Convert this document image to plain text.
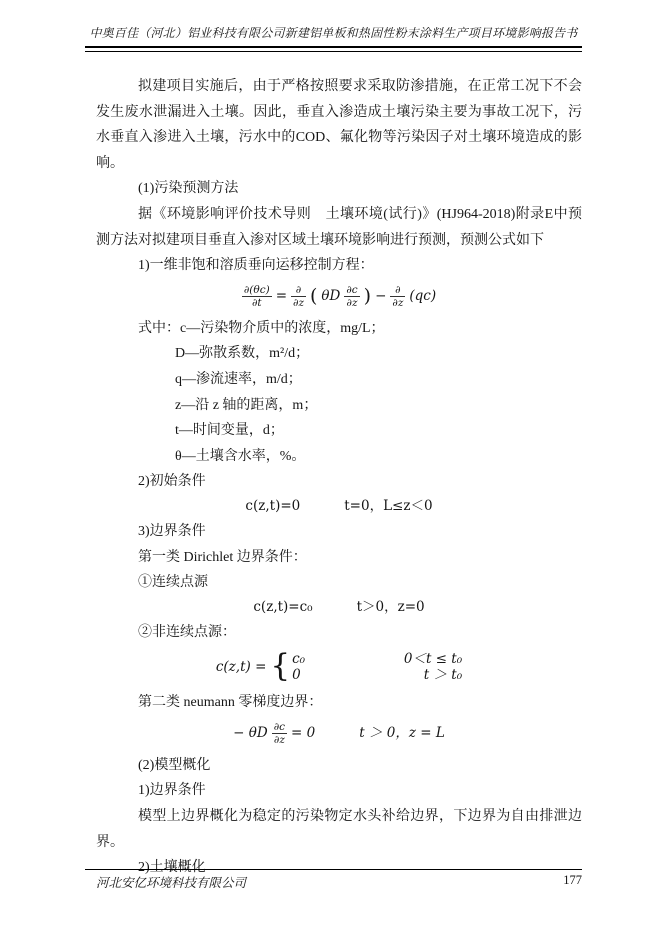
中奥百佳（河北）铝业科技有限公司新建铝单板和热固性粉末涂料生产项目环境影响报告书

拟建项目实施后，由于严格按照要求采取防渗措施，在正常工况下不会发生废水泄漏进入土壤。因此，垂直入渗造成土壤污染主要为事故工况下，污水垂直入渗进入土壤，污水中的COD、氟化物等污染因子对土壤环境造成的影响。

(1)污染预测方法

据《环境影响评价技术导则　土壤环境(试行)》(HJ964-2018)附录E中预测方法对拟建项目垂直入渗对区域土壤环境影响进行预测，预测公式如下

1)一维非饱和溶质垂向运移控制方程：

$\frac{\partial(\theta c)}{\partial t} = \frac{\partial}{\partial z}$ ( θD $\frac{\partial c}{\partial z}$ ) − $\frac{\partial}{\partial z} (qc)$

式中：c—污染物介质中的浓度，mg/L；

D—弥散系数，m²/d；

q—渗流速率，m/d；

z—沿 z 轴的距离，m；

t—时间变量，d；

θ—土壤含水率，%。

2)初始条件

c(z,t)=0	t=0，L≤z＜0

3)边界条件

第一类 Dirichlet 边界条件：

①连续点源

c(z,t)=c₀	t＞0，z=0

②非连续点源：

c(z,t) = { c₀	0＜t ≤ t₀
0	t ＞ t₀

第二类 neumann 零梯度边界：

− θD $\frac{\partial c}{\partial z} = 0$	t ＞ 0，z = L

(2)模型概化

1)边界条件

模型上边界概化为稳定的污染物定水头补给边界，下边界为自由排泄边界。

2)土壤概化

河北安亿环境科技有限公司	177
